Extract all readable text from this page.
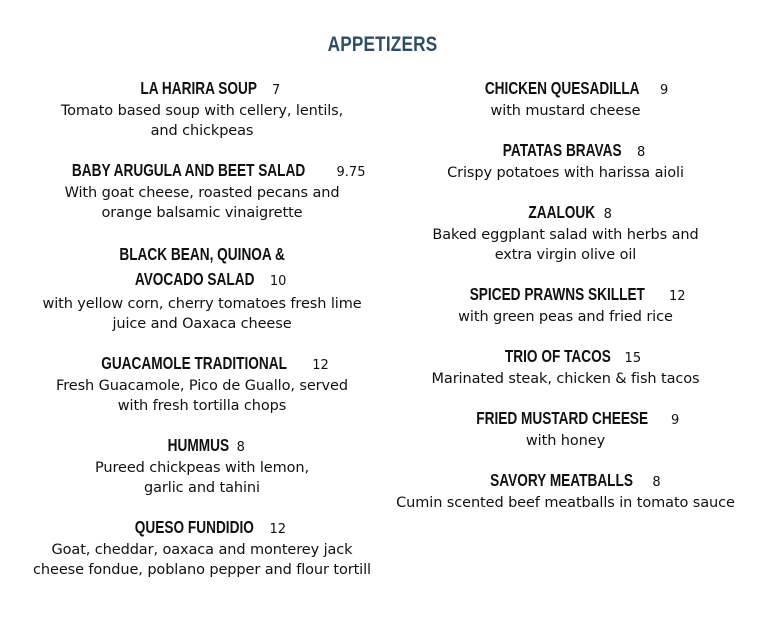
APPETIZERS
LA HARIRA SOUP 7
Tomato based soup with cellery, lentils, and chickpeas
BABY ARUGULA AND BEET SALAD 9.75
With goat cheese, roasted pecans and orange balsamic vinaigrette
BLACK BEAN, QUINOA &
AVOCADO SALAD 10
with yellow corn, cherry tomatoes fresh lime juice and Oaxaca cheese
GUACAMOLE TRADITIONAL 12
Fresh Guacamole, Pico de Guallo, served with fresh tortilla chops
HUMMUS 8
Pureed chickpeas with lemon, garlic and tahini
QUESO FUNDIDIO 12
Goat, cheddar, oaxaca and monterey jack cheese fondue, poblano pepper and flour tortill
CHICKEN QUESADILLA 9
with mustard cheese
PATATAS BRAVAS 8
Crispy potatoes with harissa aioli
ZAALOUK 8
Baked eggplant salad with herbs and extra virgin olive oil
SPICED PRAWNS SKILLET 12
with green peas and fried rice
TRIO OF TACOS 15
Marinated steak, chicken & fish tacos
FRIED MUSTARD CHEESE 9
with honey
SAVORY MEATBALLS 8
Cumin scented beef meatballs in tomato sauce
